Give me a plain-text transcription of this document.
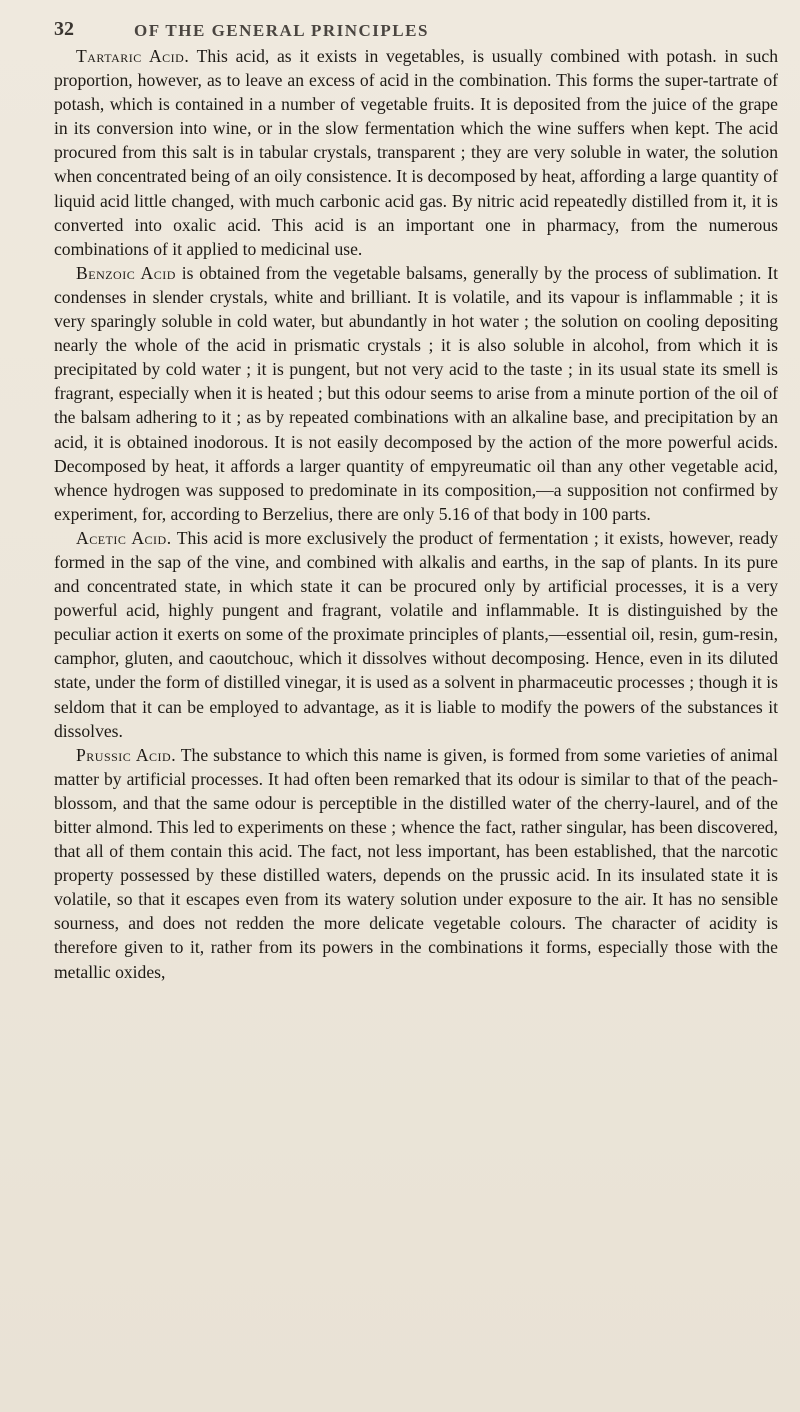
32	OF THE GENERAL PRINCIPLES

Tartaric Acid. This acid, as it exists in vegetables, is usually combined with potash. in such proportion, however, as to leave an excess of acid in the combination. This forms the super-tartrate of potash, which is contained in a number of vegetable fruits. It is deposited from the juice of the grape in its conversion into wine, or in the slow fermentation which the wine suffers when kept. The acid procured from this salt is in tabular crystals, transparent ; they are very soluble in water, the solution when concentrated being of an oily consistence. It is decomposed by heat, affording a large quantity of liquid acid little changed, with much carbonic acid gas. By nitric acid repeatedly distilled from it, it is converted into oxalic acid. This acid is an important one in pharmacy, from the numerous combinations of it applied to medicinal use.

Benzoic Acid is obtained from the vegetable balsams, generally by the process of sublimation. It condenses in slender crystals, white and brilliant. It is volatile, and its vapour is inflammable ; it is very sparingly soluble in cold water, but abundantly in hot water ; the solution on cooling depositing nearly the whole of the acid in prismatic crystals ; it is also soluble in alcohol, from which it is precipitated by cold water ; it is pungent, but not very acid to the taste ; in its usual state its smell is fragrant, especially when it is heated ; but this odour seems to arise from a minute portion of the oil of the balsam adhering to it ; as by repeated combinations with an alkaline base, and precipitation by an acid, it is obtained inodorous. It is not easily decomposed by the action of the more powerful acids. Decomposed by heat, it affords a larger quantity of empyreumatic oil than any other vegetable acid, whence hydrogen was supposed to predominate in its composition,—a supposition not confirmed by experiment, for, according to Berzelius, there are only 5.16 of that body in 100 parts.

Acetic Acid. This acid is more exclusively the product of fermentation ; it exists, however, ready formed in the sap of the vine, and combined with alkalis and earths, in the sap of plants. In its pure and concentrated state, in which state it can be procured only by artificial processes, it is a very powerful acid, highly pungent and fragrant, volatile and inflammable. It is distinguished by the peculiar action it exerts on some of the proximate principles of plants,—essential oil, resin, gum-resin, camphor, gluten, and caoutchouc, which it dissolves without decomposing. Hence, even in its diluted state, under the form of distilled vinegar, it is used as a solvent in pharmaceutic processes ; though it is seldom that it can be employed to advantage, as it is liable to modify the powers of the substances it dissolves.

Prussic Acid. The substance to which this name is given, is formed from some varieties of animal matter by artificial processes. It had often been remarked that its odour is similar to that of the peach-blossom, and that the same odour is perceptible in the distilled water of the cherry-laurel, and of the bitter almond. This led to experiments on these ; whence the fact, rather singular, has been discovered, that all of them contain this acid. The fact, not less important, has been established, that the narcotic property possessed by these distilled waters, depends on the prussic acid. In its insulated state it is volatile, so that it escapes even from its watery solution under exposure to the air. It has no sensible sourness, and does not redden the more delicate vegetable colours. The character of acidity is therefore given to it, rather from its powers in the combinations it forms, especially those with the metallic oxides,
